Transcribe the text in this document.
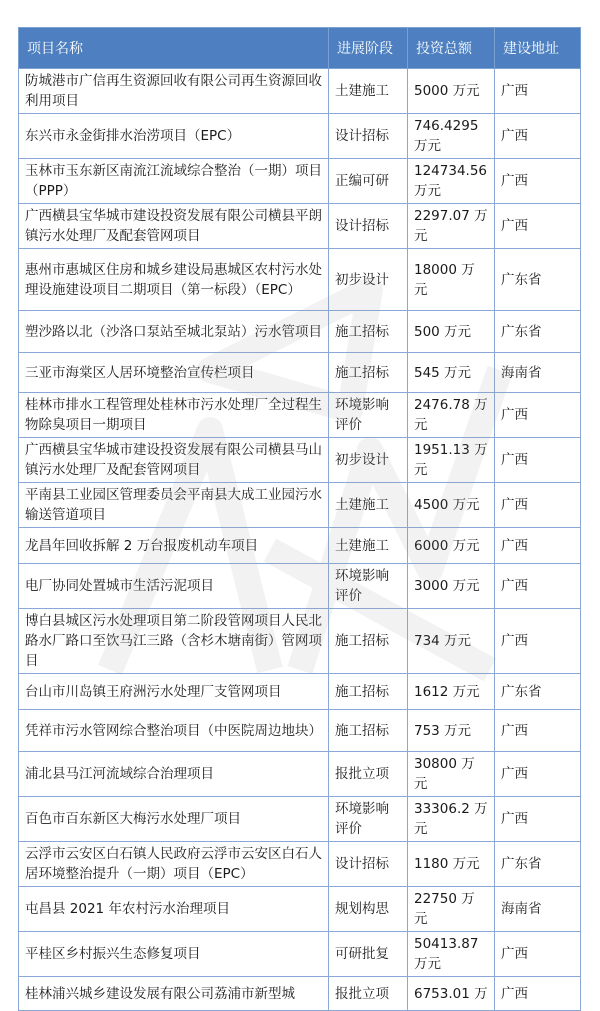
项目名称	进展阶段	投资总额	建设地址
防城港市广信再生资源回收有限公司再生资源回收利用项目	土建施工	5000 万元	广西
东兴市永金街排水治涝项目（EPC）	设计招标	746.4295 万元	广西
玉林市玉东新区南流江流域综合整治（一期）项目（PPP）	正编可研	124734.56 万元	广西
广西横县宝华城市建设投资发展有限公司横县平朗镇污水处理厂及配套管网项目	设计招标	2297.07 万元	广西
惠州市惠城区住房和城乡建设局惠城区农村污水处理设施建设项目二期项目（第一标段）（EPC）	初步设计	18000 万元	广东省
塑沙路以北（沙洛口泵站至城北泵站）污水管项目	施工招标	500 万元	广东省
三亚市海棠区人居环境整治宣传栏项目	施工招标	545 万元	海南省
桂林市排水工程管理处桂林市污水处理厂全过程生物除臭项目一期项目	环境影响评价	2476.78 万元	广西
广西横县宝华城市建设投资发展有限公司横县马山镇污水处理厂及配套管网项目	初步设计	1951.13 万元	广西
平南县工业园区管理委员会平南县大成工业园污水输送管道项目	土建施工	4500 万元	广西
龙昌年回收拆解 2 万台报废机动车项目	土建施工	6000 万元	广西
电厂协同处置城市生活污泥项目	环境影响评价	3000 万元	广西
博白县城区污水处理项目第二阶段管网项目人民北路水厂路口至饮马江三路（含杉木塘南街）管网项目	施工招标	734 万元	广西
台山市川岛镇王府洲污水处理厂支管网项目	施工招标	1612 万元	广东省
凭祥市污水管网综合整治项目（中医院周边地块）	施工招标	753 万元	广西
浦北县马江河流域综合治理项目	报批立项	30800 万元	广西
百色市百东新区大梅污水处理厂项目	环境影响评价	33306.2 万元	广西
云浮市云安区白石镇人民政府云浮市云安区白石人居环境整治提升（一期）项目（EPC）	设计招标	1180 万元	广东省
屯昌县 2021 年农村污水治理项目	规划构思	22750 万元	海南省
平桂区乡村振兴生态修复项目	可研批复	50413.87 万元	广西
桂林浦兴城乡建设发展有限公司荔浦市新型城	报批立项	6753.01 万	广西
